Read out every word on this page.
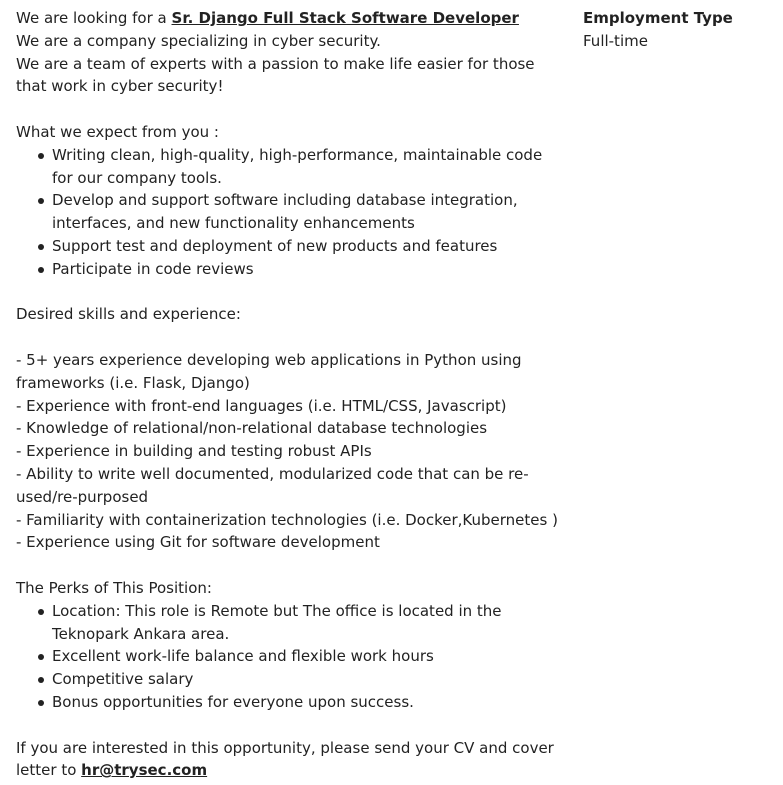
We are looking for a Sr. Django Full Stack Software Developer
We are a company specializing in cyber security.
We are a team of experts with a passion to make life easier for those that work in cyber security!
What we expect from you :
Writing clean, high-quality, high-performance, maintainable code for our company tools.
Develop and support software including database integration, interfaces, and new functionality enhancements
Support test and deployment of new products and features
Participate in code reviews
Desired skills and experience:
- 5+ years experience developing web applications in Python using frameworks (i.e. Flask, Django)
- Experience with front-end languages (i.e. HTML/CSS, Javascript)
- Knowledge of relational/non-relational database technologies
- Experience in building and testing robust APIs
- Ability to write well documented, modularized code that can be re-used/re-purposed
- Familiarity with containerization technologies (i.e. Docker,Kubernetes )
- Experience using Git for software development
The Perks of This Position:
Location: This role is Remote but The office is located in the Teknopark Ankara area.
Excellent work-life balance and flexible work hours
Competitive salary
Bonus opportunities for everyone upon success.
If you are interested in this opportunity, please send your CV and cover letter to hr@trysec.com
Employment Type
Full-time
